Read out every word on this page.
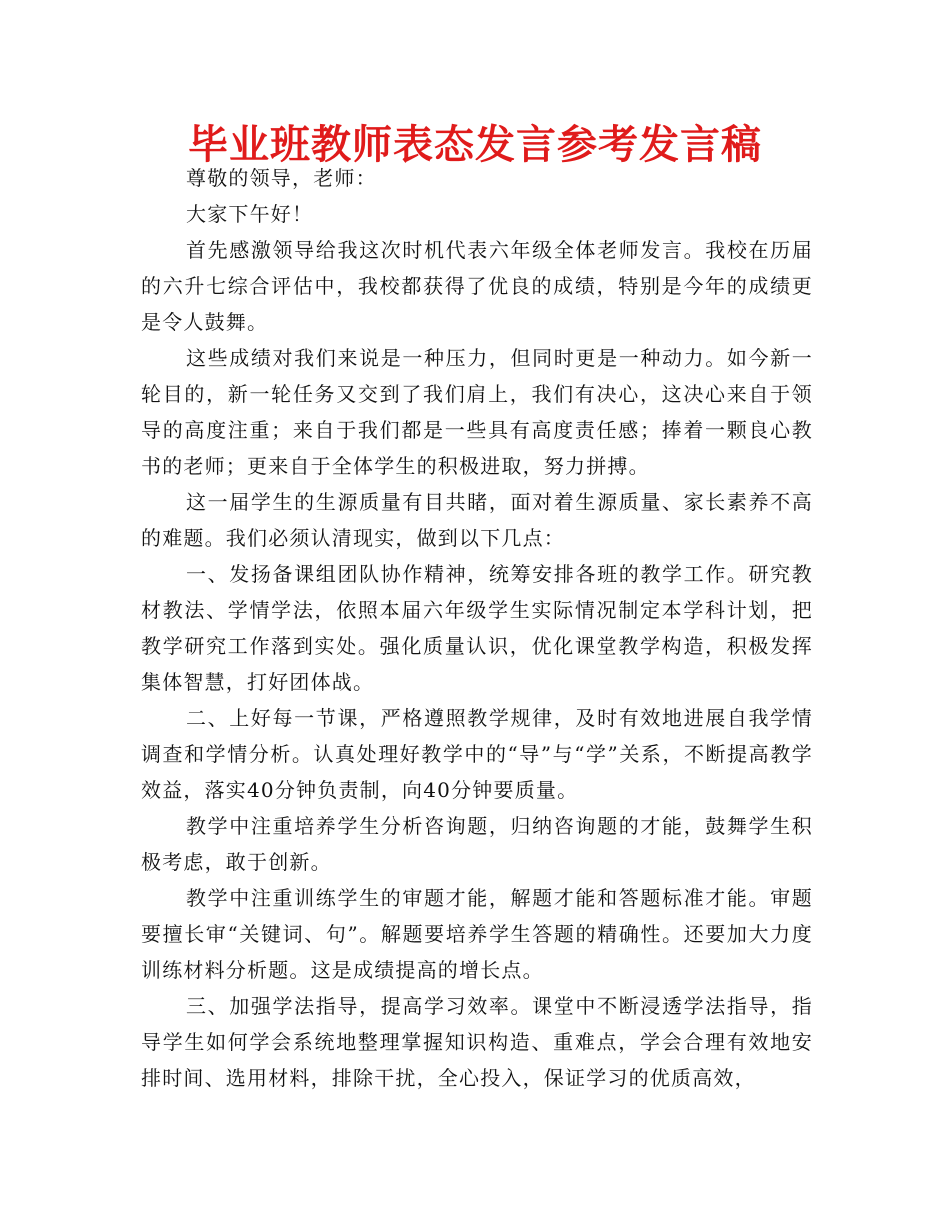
毕业班教师表态发言参考发言稿

尊敬的领导，老师：

大家下午好！

首先感激领导给我这次时机代表六年级全体老师发言。我校在历届的六升七综合评估中，我校都获得了优良的成绩，特别是今年的成绩更是令人鼓舞。

这些成绩对我们来说是一种压力，但同时更是一种动力。如今新一轮目的，新一轮任务又交到了我们肩上，我们有决心，这决心来自于领导的高度注重；来自于我们都是一些具有高度责任感；捧着一颗良心教书的老师；更来自于全体学生的积极进取，努力拼搏。

这一届学生的生源质量有目共睹，面对着生源质量、家长素养不高的难题。我们必须认清现实，做到以下几点：

一、发扬备课组团队协作精神，统筹安排各班的教学工作。研究教材教法、学情学法，依照本届六年级学生实际情况制定本学科计划，把教学研究工作落到实处。强化质量认识，优化课堂教学构造，积极发挥集体智慧，打好团体战。

二、上好每一节课，严格遵照教学规律，及时有效地进展自我学情调查和学情分析。认真处理好教学中的“导”与“学”关系，不断提高教学效益，落实40分钟负责制，向40分钟要质量。

教学中注重培养学生分析咨询题，归纳咨询题的才能，鼓舞学生积极考虑，敢于创新。

教学中注重训练学生的审题才能，解题才能和答题标准才能。审题要擅长审“关键词、句”。解题要培养学生答题的精确性。还要加大力度训练材料分析题。这是成绩提高的增长点。

三、加强学法指导，提高学习效率。课堂中不断浸透学法指导，指导学生如何学会系统地整理掌握知识构造、重难点，学会合理有效地安排时间、选用材料，排除干扰，全心投入，保证学习的优质高效，
